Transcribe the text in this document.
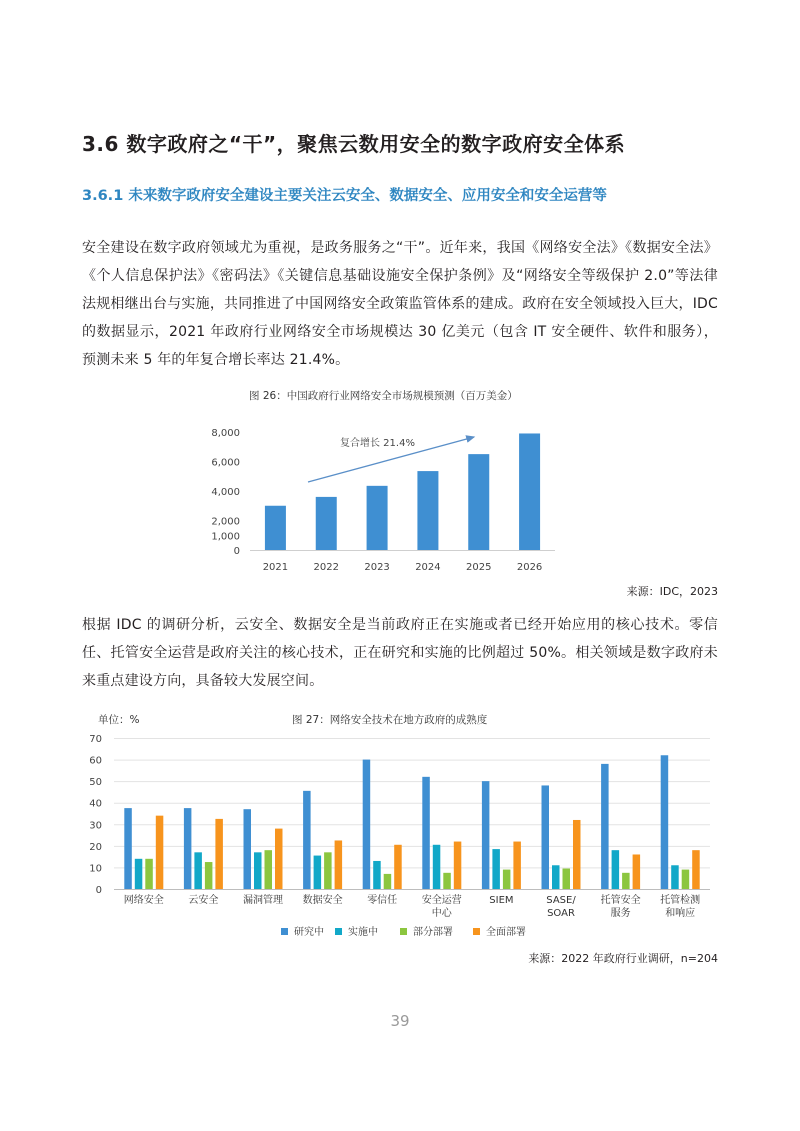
3.6 数字政府之“干”，聚焦云数用安全的数字政府安全体系
3.6.1 未来数字政府安全建设主要关注云安全、数据安全、应用安全和安全运营等
安全建设在数字政府领域尤为重视，是政务服务之“干”。近年来，我国《网络安全法》《数据安全法》《个人信息保护法》《密码法》《关键信息基础设施安全保护条例》及“网络安全等级保护 2.0”等法律法规相继出台与实施，共同推进了中国网络安全政策监管体系的建成。政府在安全领域投入巨大，IDC 的数据显示，2021 年政府行业网络安全市场规模达 30 亿美元（包含 IT 安全硬件、软件和服务），预测未来 5 年的年复合增长率达 21.4%。
图 26：中国政府行业网络安全市场规模预测（百万美金）
0
1,000
2,000
4,000
6,000
8,000
2021	2022	2023	2024	2025	2026
复合增长 21.4%
来源：IDC，2023
根据 IDC 的调研分析，云安全、数据安全是当前政府正在实施或者已经开始应用的核心技术。零信任、托管安全运营是政府关注的核心技术，正在研究和实施的比例超过 50%。相关领域是数字政府未来重点建设方向，具备较大发展空间。
单位：%	图 27：网络安全技术在地方政府的成熟度
0
10
20
30
40
50
60
70
网络安全 云安全 漏洞管理 数据安全 零信任 安全运营
中心
SIEM	SASE/
SOAR
托管安全
服务
托管检测
和响应
研究中 实施中	部分部署	全面部署
来源：2022 年政府行业调研，n=204
39
